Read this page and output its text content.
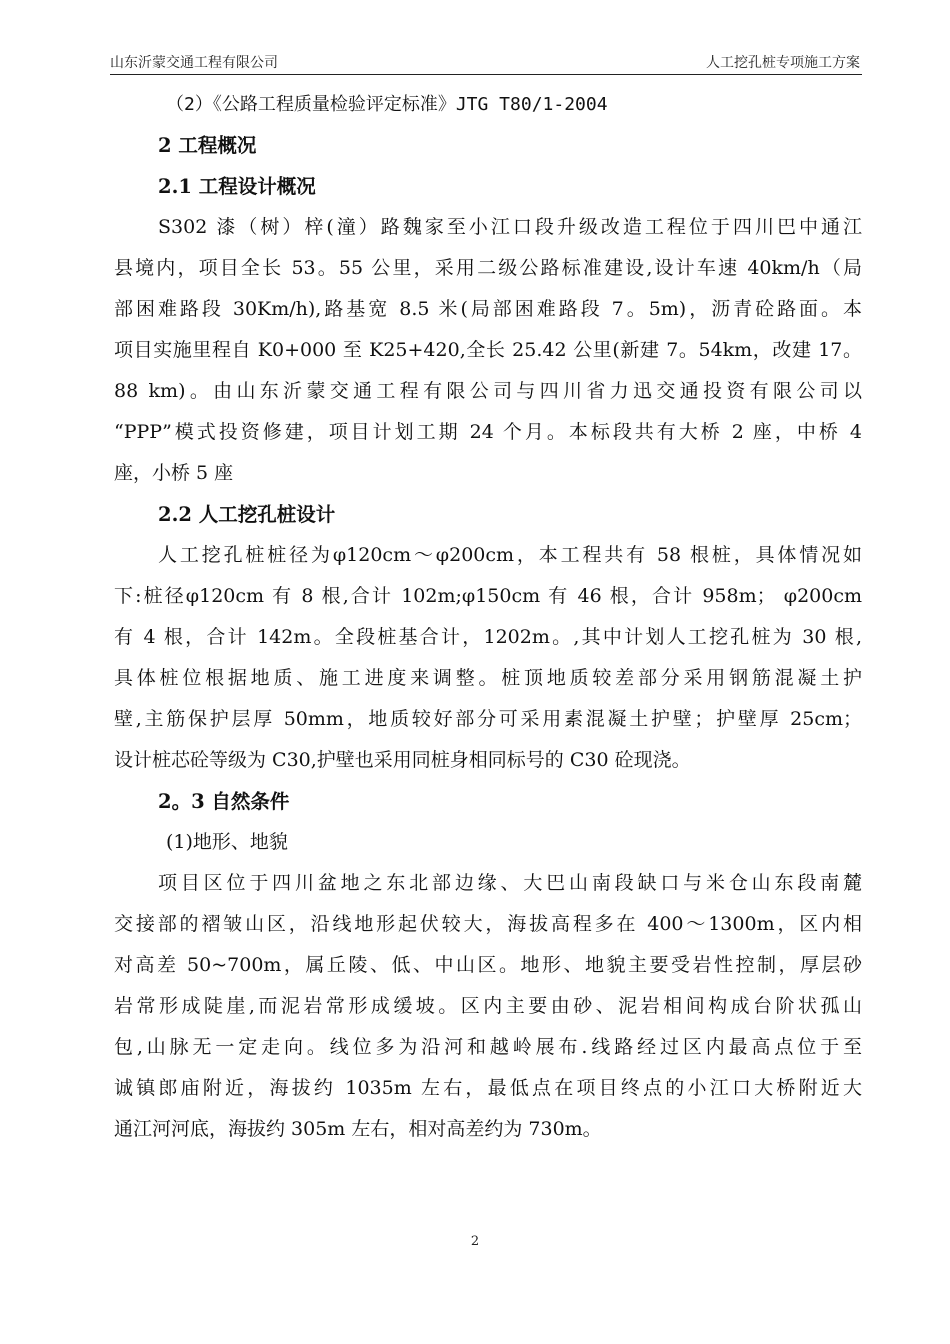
山东沂蒙交通工程有限公司	人工挖孔桩专项施工方案
（2）《公路工程质量检验评定标准》JTG T80/1-2004
2 工程概况
2.1 工程设计概况
S302 漆（树）梓(潼）路魏家至小江口段升级改造工程位于四川巴中通江
县境内，项目全长 53。55 公里，采用二级公路标准建设,设计车速 40km/h（局
部困难路段 30Km/h),路基宽 8.5 米(局部困难路段 7。5m)，沥青砼路面。本
项目实施里程自 K0+000 至 K25+420,全长 25.42 公里(新建 7。54km，改建 17。
88 km)。由山东沂蒙交通工程有限公司与四川省力迅交通投资有限公司以
“PPP”模式投资修建，项目计划工期 24 个月。本标段共有大桥 2 座，中桥 4
座，小桥 5 座
2.2 人工挖孔桩设计
人工挖孔桩桩径为φ120cm～φ200cm，本工程共有 58 根桩，具体情况如
下:桩径φ120cm 有 8 根,合计 102m;φ150cm 有 46 根，合计 958m； φ200cm
有 4 根，合计 142m。全段桩基合计，1202m。,其中计划人工挖孔桩为 30 根,
具体桩位根据地质、施工进度来调整。桩顶地质较差部分采用钢筋混凝土护
壁,主筋保护层厚 50mm，地质较好部分可采用素混凝土护壁；护壁厚 25cm；
设计桩芯砼等级为 C30,护壁也采用同桩身相同标号的 C30 砼现浇。
2。3 自然条件
(1)地形、地貌
项目区位于四川盆地之东北部边缘、大巴山南段缺口与米仓山东段南麓
交接部的褶皱山区，沿线地形起伏较大，海拔高程多在 400～1300m，区内相
对高差 50~700m，属丘陵、低、中山区。地形、地貌主要受岩性控制，厚层砂
岩常形成陡崖,而泥岩常形成缓坡。区内主要由砂、泥岩相间构成台阶状孤山
包,山脉无一定走向。线位多为沿河和越岭展布.线路经过区内最高点位于至
诚镇郎庙附近，海拔约 1035m 左右，最低点在项目终点的小江口大桥附近大
通江河河底，海拔约 305m 左右，相对高差约为 730m。
2
